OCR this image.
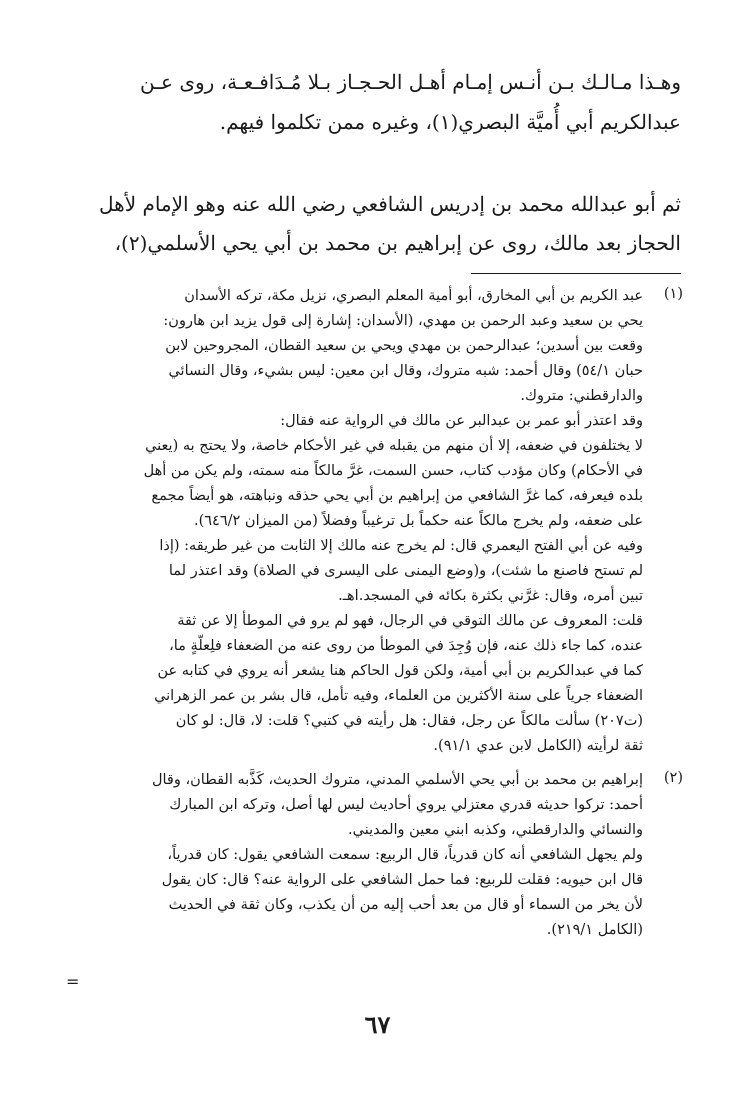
وهـذا مـالـك بـن أنـس إمـام أهـل الحـجـاز بـلا مُـدَافـعـة، روى عـن
عبدالكريم أبي أُميَّة البصري(١)، وغيره ممن تكلموا فيهم.
ثم أبو عبدالله محمد بن إدريس الشافعي رضي الله عنه وهو الإمام لأهل
الحجاز بعد مالك، روى عن إبراهيم بن محمد بن أبي يحي الأسلمي(٢)،
(١)
عبد الكريم بن أبي المخارق، أبو أمية المعلم البصري، نزيل مكة، تركه الأسدان
يحي بن سعيد وعبد الرحمن بن مهدي، (الأسدان: إشارة إلى قول يزيد ابن هارون:
وقعت بين أسدين؛ عبدالرحمن بن مهدي ويحي بن سعيد القطان، المجروحين لابن
حبان ٥٤/١) وقال أحمد: شبه متروك، وقال ابن معين: ليس بشيء، وقال النسائي
والدارقطني: متروك.
وقد اعتذر أبو عمر بن عبدالبر عن مالك في الرواية عنه فقال:
لا يختلفون في ضعفه، إلا أن منهم من يقبله في غير الأحكام خاصة، ولا يحتج به (يعني
في الأحكام) وكان مؤدب كتاب، حسن السمت، غرَّ مالكاً منه سمته، ولم يكن من أهل
بلده فيعرفه، كما غرَّ الشافعي من إبراهيم بن أبي يحي حذقه ونباهته، هو أيضاً مجمع
على ضعفه، ولم يخرج مالكاً عنه حكماً بل ترغيباً وفضلاً (من الميزان ٦٤٦/٢).
وفيه عن أبي الفتح اليعمري قال: لم يخرج عنه مالك إلا الثابت من غير طريقه: (إذا
لم تستح فاصنع ما شئت)، و(وضع اليمنى على اليسرى في الصلاة) وقد اعتذر لما
تبين أمره، وقال: غرَّني بكثرة بكائه في المسجد.اهـ.
قلت: المعروف عن مالك التوقي في الرجال، فهو لم يرو في الموطأ إلا عن ثقة
عنده، كما جاء ذلك عنه، فإن وُجِدَ في الموطأ من روى عنه من الضعفاء فلِعلَّةٍ ما،
كما في عبدالكريم بن أبي أمية، ولكن قول الحاكم هنا يشعر أنه يروي في كتابه عن
الضعفاء جرياً على سنة الأكثرين من العلماء، وفيه تأمل، قال بشر بن عمر الزهراني
(ت٢٠٧) سألت مالكاً عن رجل، فقال: هل رأيته في كتبي؟ قلت: لا، قال: لو كان
ثقة لرأيته (الكامل لابن عدي ٩١/١).
(٢)
إبراهيم بن محمد بن أبي يحي الأسلمي المدني، متروك الحديث، كَذَّبه القطان، وقال
أحمد: تركوا حديثه قدري معتزلي يروي أحاديث ليس لها أصل، وتركه ابن المبارك
والنسائي والدارقطني، وكذبه ابني معين والمديني.
ولم يجهل الشافعي أنه كان قدرياً، قال الربيع: سمعت الشافعي يقول: كان قدرياً،
قال ابن حيويه: فقلت للربيع: فما حمل الشافعي على الرواية عنه؟ قال: كان يقول
لأن يخر من السماء أو قال من بعد أحب إليه من أن يكذب، وكان ثقة في الحديث
(الكامل ٢١٩/١).
=
٦٧
